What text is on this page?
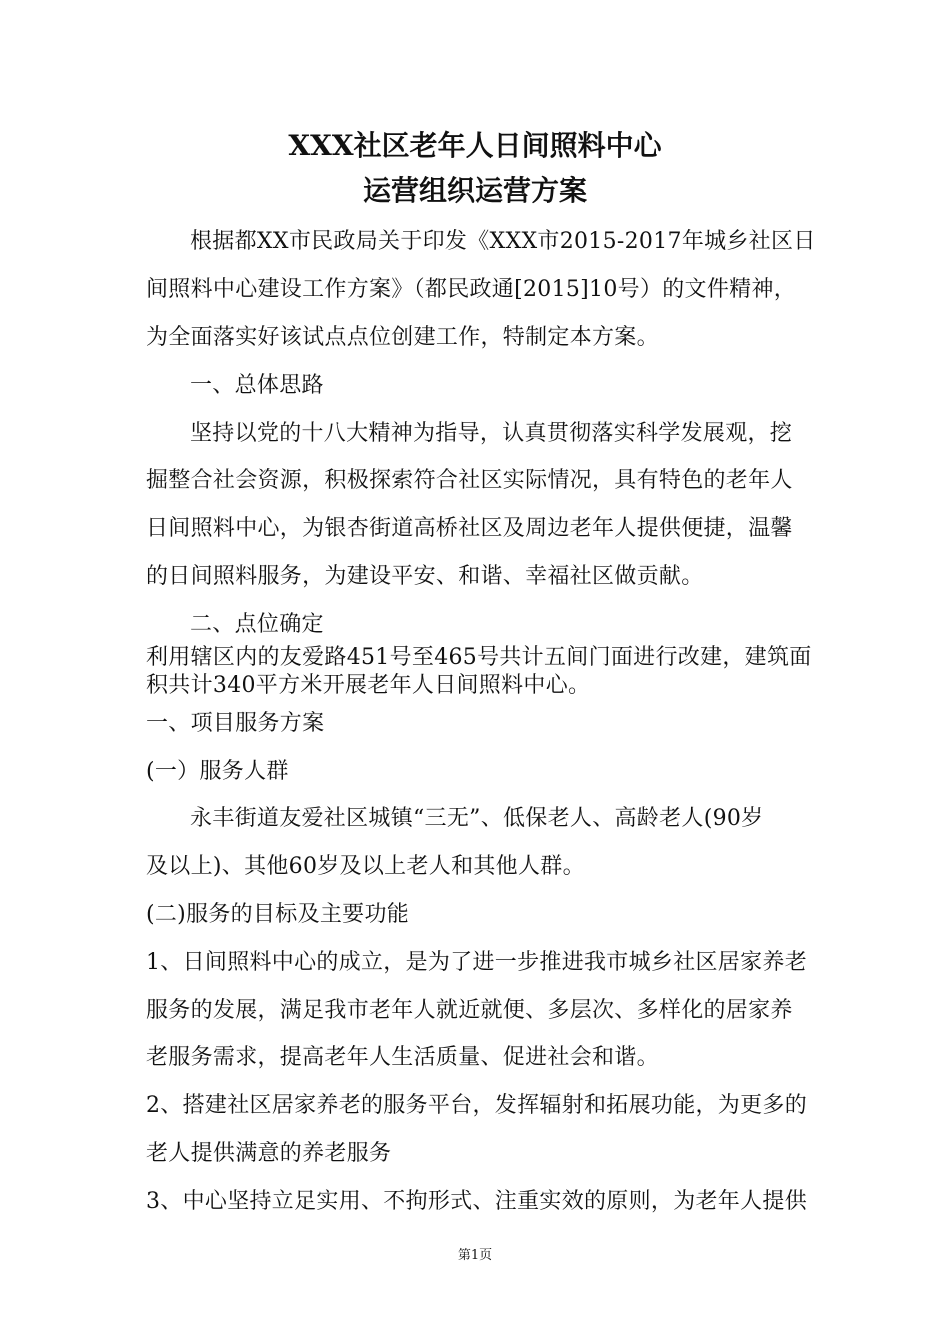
XXX社区老年人日间照料中心
运营组织运营方案
根据都XX市民政局关于印发《XXX市2015-2017年城乡社区日
间照料中心建设工作方案》（都民政通[2015]10号）的文件精神，
为全面落实好该试点点位创建工作，特制定本方案。
一、总体思路
坚持以党的十八大精神为指导，认真贯彻落实科学发展观，挖
掘整合社会资源，积极探索符合社区实际情况，具有特色的老年人
日间照料中心，为银杏街道高桥社区及周边老年人提供便捷，温馨
的日间照料服务，为建设平安、和谐、幸福社区做贡献。
二、点位确定
利用辖区内的友爱路451号至465号共计五间门面进行改建，建筑面
积共计340平方米开展老年人日间照料中心。
一、项目服务方案
(一）服务人群
永丰街道友爱社区城镇“三无”、低保老人、高龄老人(90岁
及以上)、其他60岁及以上老人和其他人群。
(二)服务的目标及主要功能
1、日间照料中心的成立，是为了进一步推进我市城乡社区居家养老
服务的发展，满足我市老年人就近就便、多层次、多样化的居家养
老服务需求，提高老年人生活质量、促进社会和谐。
2、搭建社区居家养老的服务平台，发挥辐射和拓展功能，为更多的
老人提供满意的养老服务
3、中心坚持立足实用、不拘形式、注重实效的原则，为老年人提供
第1页
